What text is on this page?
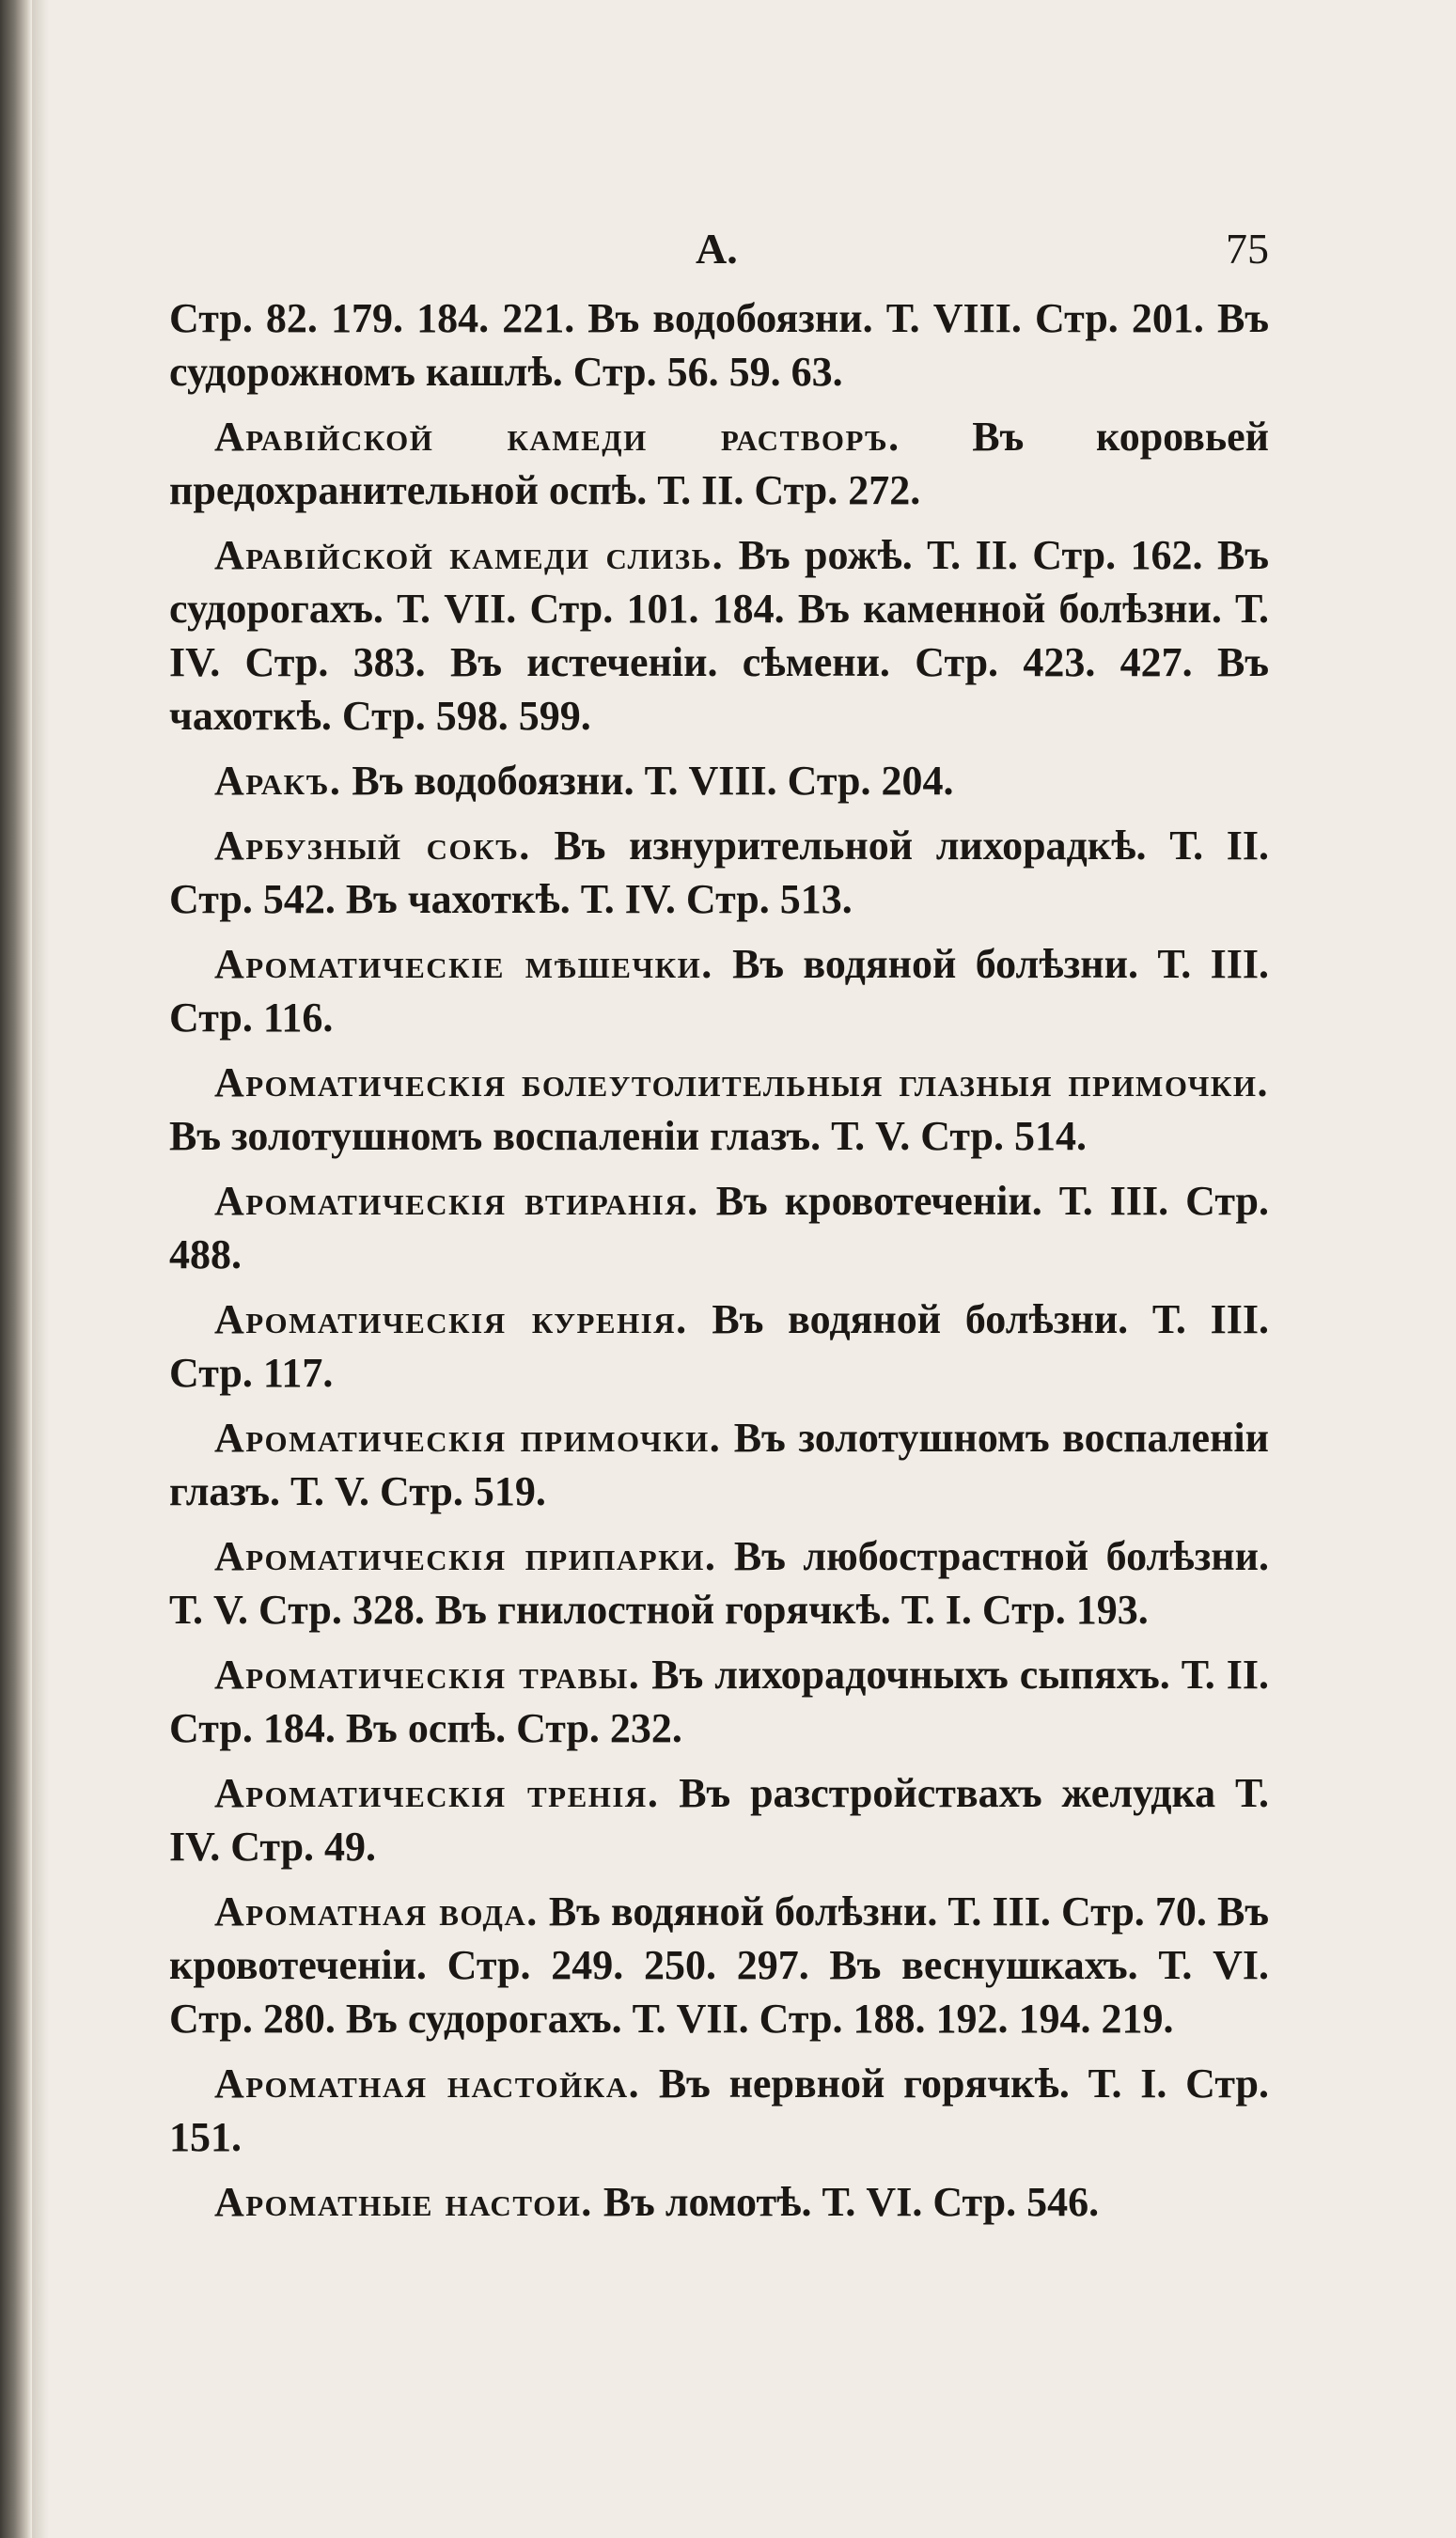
А.	75

Стр. 82. 179. 184. 221. Въ водобоязни. Т. VIII. Стр. 201. Въ судорожномъ кашлѣ. Стр. 56. 59. 63.

Аравійской камеди растворъ. Въ коровьей предохранительной оспѣ. Т. II. Стр. 272.

Аравійской камеди слизь. Въ рожѣ. Т. II. Стр. 162. Въ судорогахъ. Т. VII. Стр. 101. 184. Въ каменной болѣзни. Т. IV. Стр. 383. Въ истеченіи. сѣмени. Стр. 423. 427. Въ чахоткѣ. Стр. 598. 599.

Аракъ. Въ водобоязни. Т. VIII. Стр. 204.

Арбузный сокъ. Въ изнурительной лихорадкѣ. Т. II. Стр. 542. Въ чахоткѣ. Т. IV. Стр. 513.

Ароматическіе мѣшечки. Въ водяной болѣзни. Т. III. Стр. 116.

Ароматическія болеутолительныя глазныя примочки. Въ золотушномъ воспаленіи глазъ. Т. V. Стр. 514.

Ароматическія втиранія. Въ кровотеченіи. Т. III. Стр. 488.

Ароматическія куренія. Въ водяной болѣзни. Т. III. Стр. 117.

Ароматическія примочки. Въ золотушномъ воспаленіи глазъ. Т. V. Стр. 519.

Ароматическія припарки. Въ любострастной болѣзни. Т. V. Стр. 328. Въ гнилостной горячкѣ. Т. I. Стр. 193.

Ароматическія травы. Въ лихорадочныхъ сыпяхъ. Т. II. Стр. 184. Въ оспѣ. Стр. 232.

Ароматическія тренія. Въ разстройствахъ желудка Т. IV. Стр. 49.

Ароматная вода. Въ водяной болѣзни. Т. III. Стр. 70. Въ кровотеченіи. Стр. 249. 250. 297. Въ веснушкахъ. Т. VI. Стр. 280. Въ судорогахъ. Т. VII. Стр. 188. 192. 194. 219.

Ароматная настойка. Въ нервной горячкѣ. Т. I. Стр. 151.

Ароматные настои. Въ ломотѣ. Т. VI. Стр. 546.
